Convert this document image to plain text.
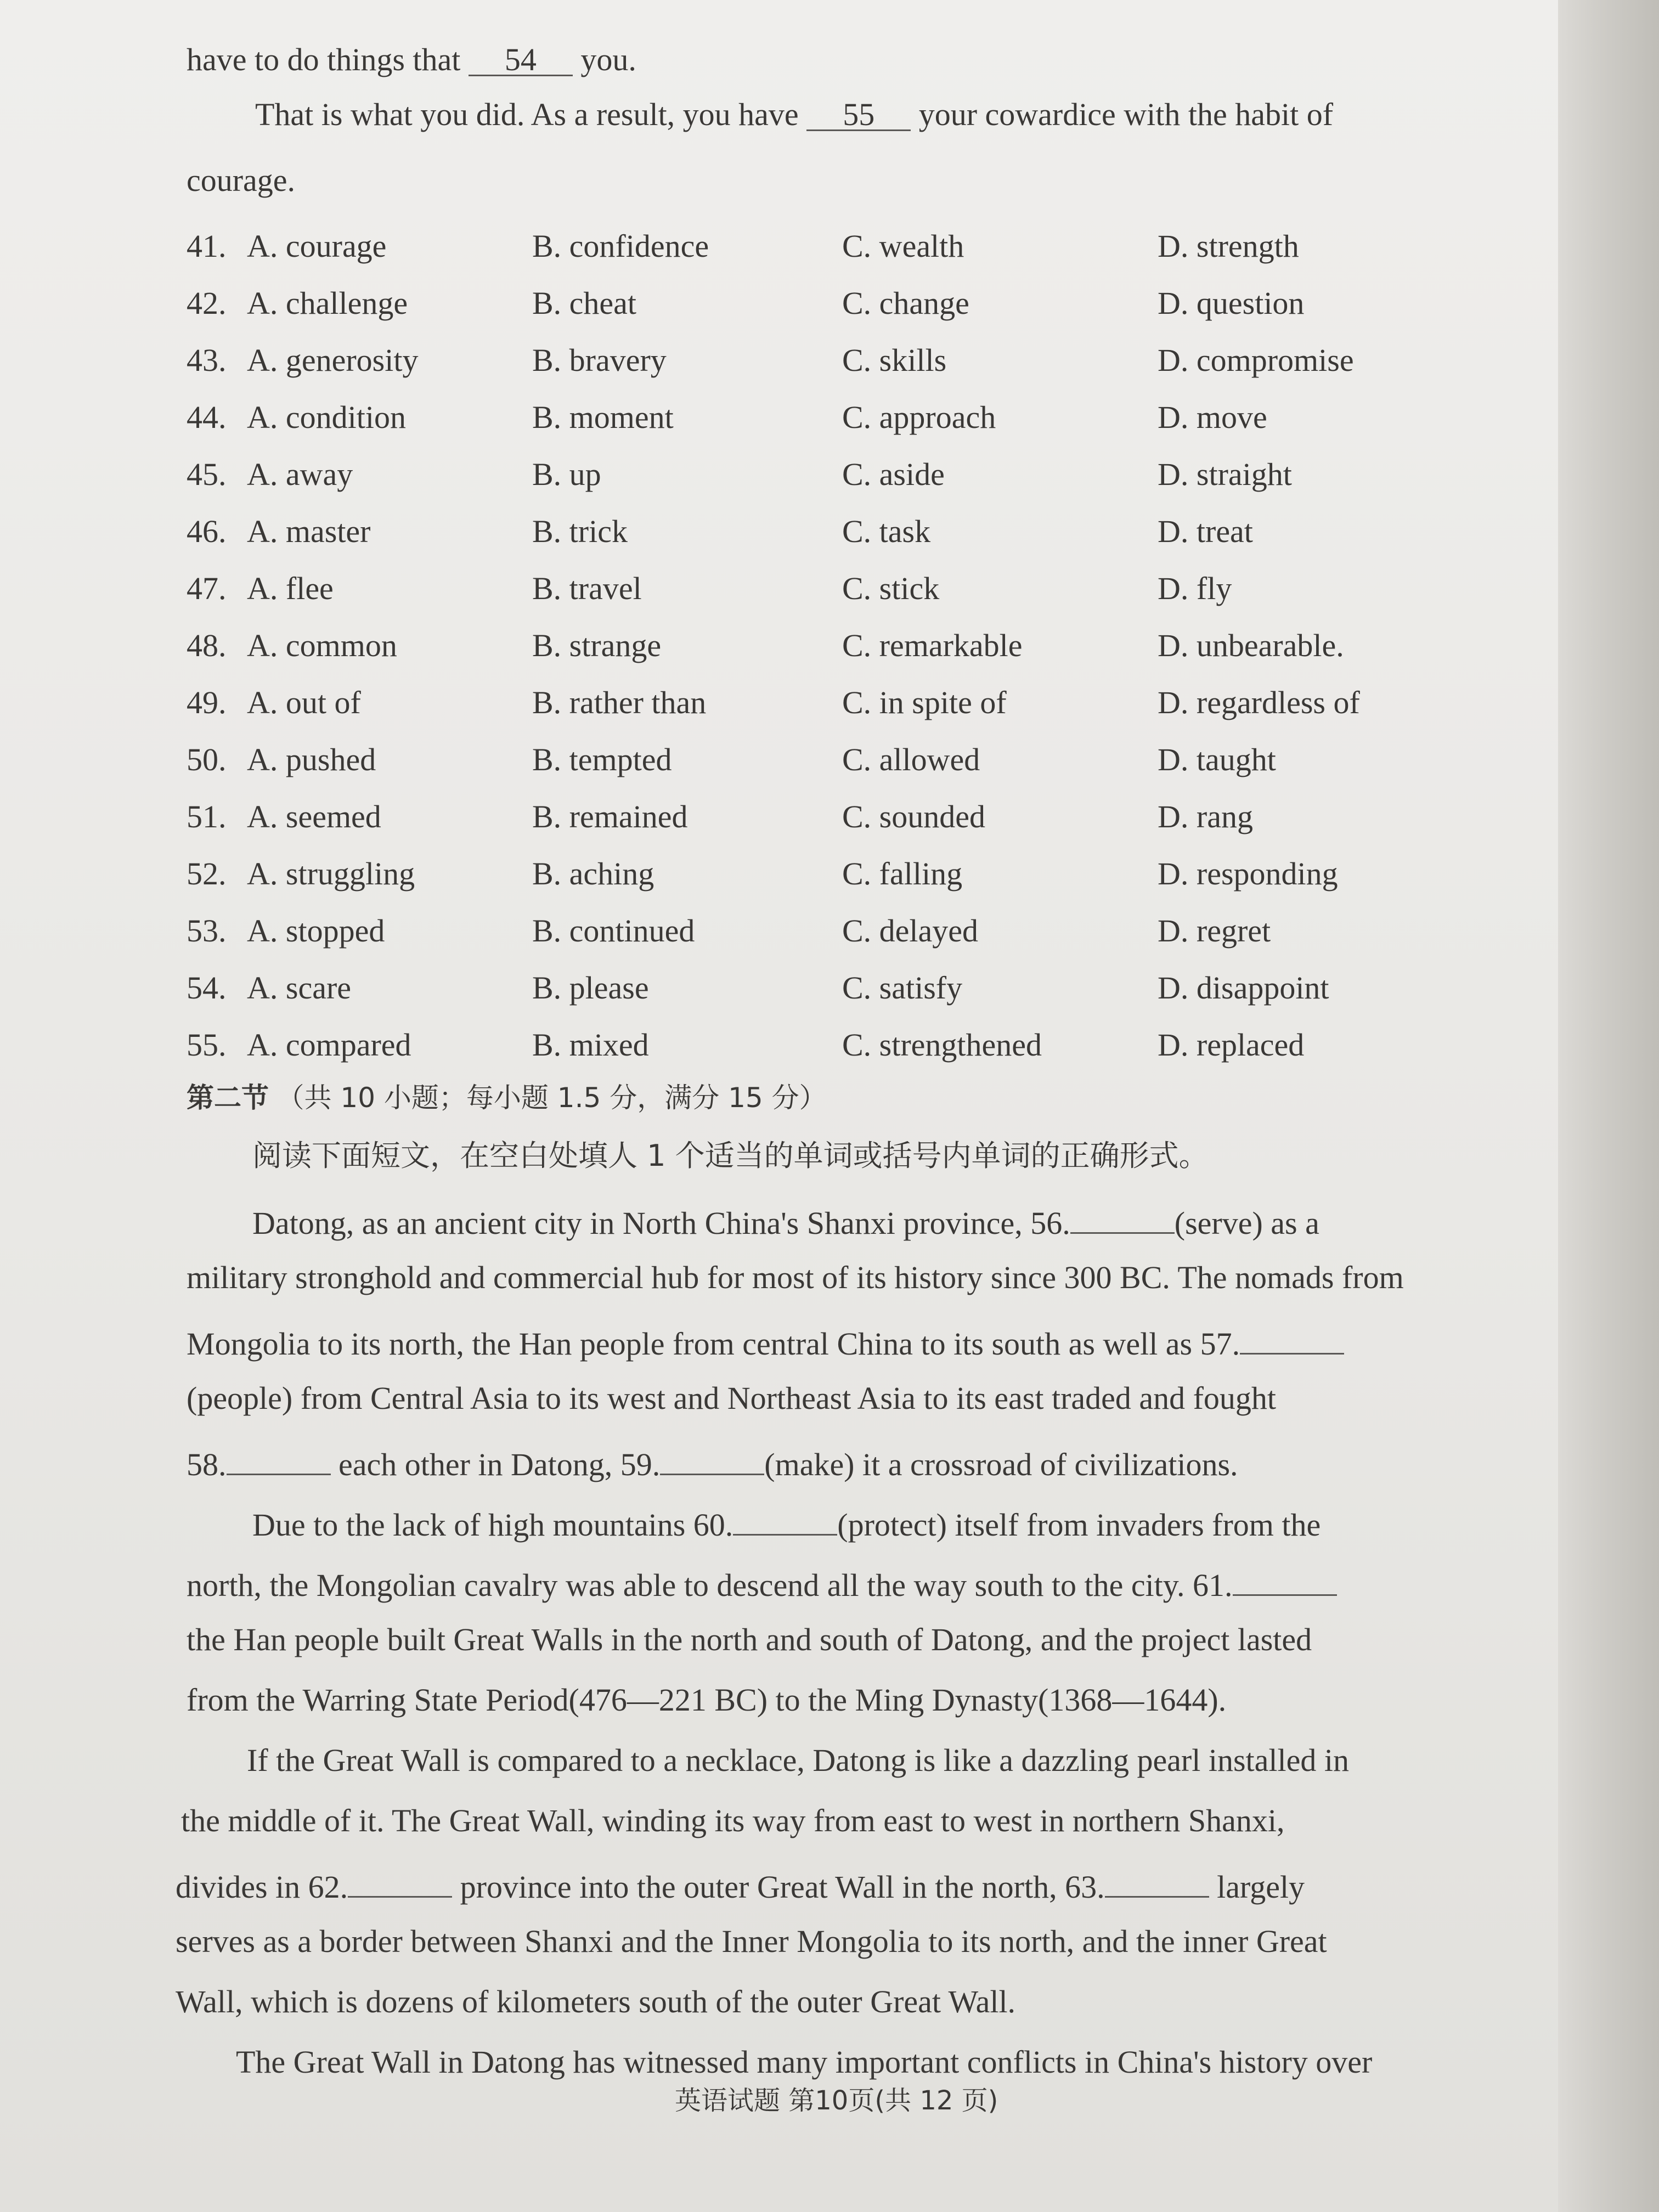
have to do things that 54 you.
That is what you did. As a result, you have 55 your cowardice with the habit of
courage.
41. A. courage	B. confidence	C. wealth	D. strength
42. A. challenge	B. cheat	C. change	D. question
43. A. generosity	B. bravery	C. skills	D. compromise
44. A. condition	B. moment	C. approach	D. move
45. A. away	B. up	C. aside	D. straight
46. A. master	B. trick	C. task	D. treat
47. A. flee	B. travel	C. stick	D. fly
48. A. common	B. strange	C. remarkable	D. unbearable.
49. A. out of	B. rather than	C. in spite of	D. regardless of
50. A. pushed	B. tempted	C. allowed	D. taught
51. A. seemed	B. remained	C. sounded	D. rang
52. A. struggling	B. aching	C. falling	D. responding
53. A. stopped	B. continued	C. delayed	D. regret
54. A. scare	B. please	C. satisfy	D. disappoint
55. A. compared	B. mixed	C. strengthened	D. replaced
第二节 （共 10 小题；每小题 1.5 分，满分 15 分）
阅读下面短文，在空白处填人 1 个适当的单词或括号内单词的正确形式。
Datong, as an ancient city in North China's Shanxi province, 56.	(serve) as a
military stronghold and commercial hub for most of its history since 300 BC. The nomads from
Mongolia to its north, the Han people from central China to its south as well as 57.
(people) from Central Asia to its west and Northeast Asia to its east traded and fought
58.	each other in Datong, 59.	(make) it a crossroad of civilizations.
Due to the lack of high mountains 60.	(protect) itself from invaders from the
north, the Mongolian cavalry was able to descend all the way south to the city. 61.
the Han people built Great Walls in the north and south of Datong, and the project lasted
from the Warring State Period(476—221 BC) to the Ming Dynasty(1368—1644).
If the Great Wall is compared to a necklace, Datong is like a dazzling pearl installed in
the middle of it. The Great Wall, winding its way from east to west in northern Shanxi,
divides in 62.	province into the outer Great Wall in the north, 63.	largely
serves as a border between Shanxi and the Inner Mongolia to its north, and the inner Great
Wall, which is dozens of kilometers south of the outer Great Wall.
The Great Wall in Datong has witnessed many important conflicts in China's history over
英语试题 第10页(共 12 页)
